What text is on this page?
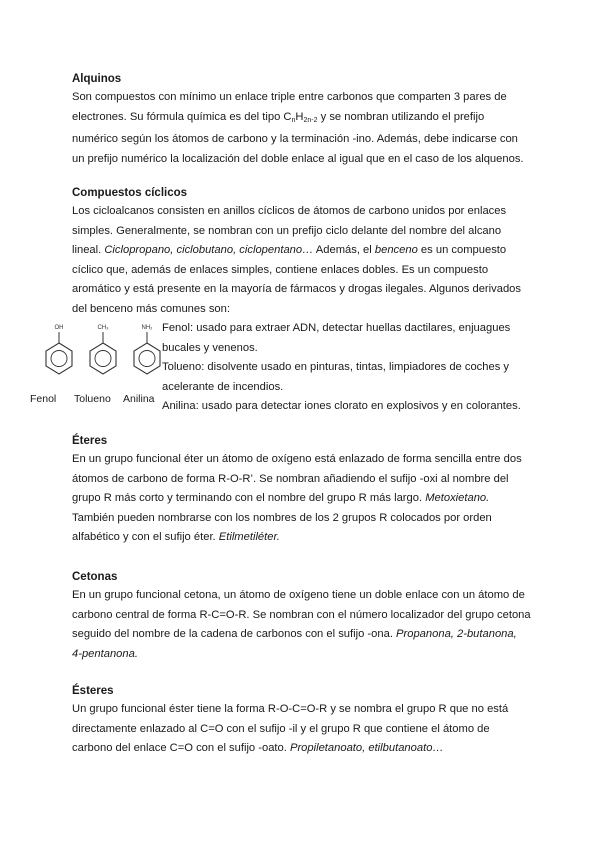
Alquinos

Son compuestos con mínimo un enlace triple entre carbonos que comparten 3 pares de

electrones. Su fórmula química es del tipo $C_nH_{2n-2}$ y se nombran utilizando el prefijo

numérico según los átomos de carbono y la terminación -ino. Además, debe indicarse con

un prefijo numérico la localización del doble enlace al igual que en el caso de los alquenos.

Compuestos cíclicos

Los cicloalcanos consisten en anillos cíclicos de átomos de carbono unidos por enlaces

simples. Generalmente, se nombran con un prefijo ciclo delante del nombre del alcano

lineal. Ciclopropano, ciclobutano, ciclopentano… Además, el benceno es un compuesto

cíclico que, además de enlaces simples, contiene enlaces dobles. Es un compuesto

aromático y está presente en la mayoría de fármacos y drogas ilegales. Algunos derivados

del benceno más comunes son:

OH	CH₃	NH₂
Fenol Tolueno Anilina

Fenol: usado para extraer ADN, detectar huellas dactilares, enjuagues

bucales y venenos.

Tolueno: disolvente usado en pinturas, tintas, limpiadores de coches y

acelerante de incendios.

Anilina: usado para detectar iones clorato en explosivos y en colorantes.

Éteres

En un grupo funcional éter un átomo de oxígeno está enlazado de forma sencilla entre dos

átomos de carbono de forma R-O-R’. Se nombran añadiendo el sufijo -oxi al nombre del

grupo R más corto y terminando con el nombre del grupo R más largo. Metoxietano.

También pueden nombrarse con los nombres de los 2 grupos R colocados por orden

alfabético y con el sufijo éter. Etilmetiléter.

Cetonas

En un grupo funcional cetona, un átomo de oxígeno tiene un doble enlace con un átomo de

carbono central de forma R-C=O-R. Se nombran con el número localizador del grupo cetona

seguido del nombre de la cadena de carbonos con el sufijo -ona. Propanona, 2-butanona,

4-pentanona.

Ésteres

Un grupo funcional éster tiene la forma R-O-C=O-R y se nombra el grupo R que no está

directamente enlazado al C=O con el sufijo -il y el grupo R que contiene el átomo de

carbono del enlace C=O con el sufijo -oato. Propiletanoato, etilbutanoato…
